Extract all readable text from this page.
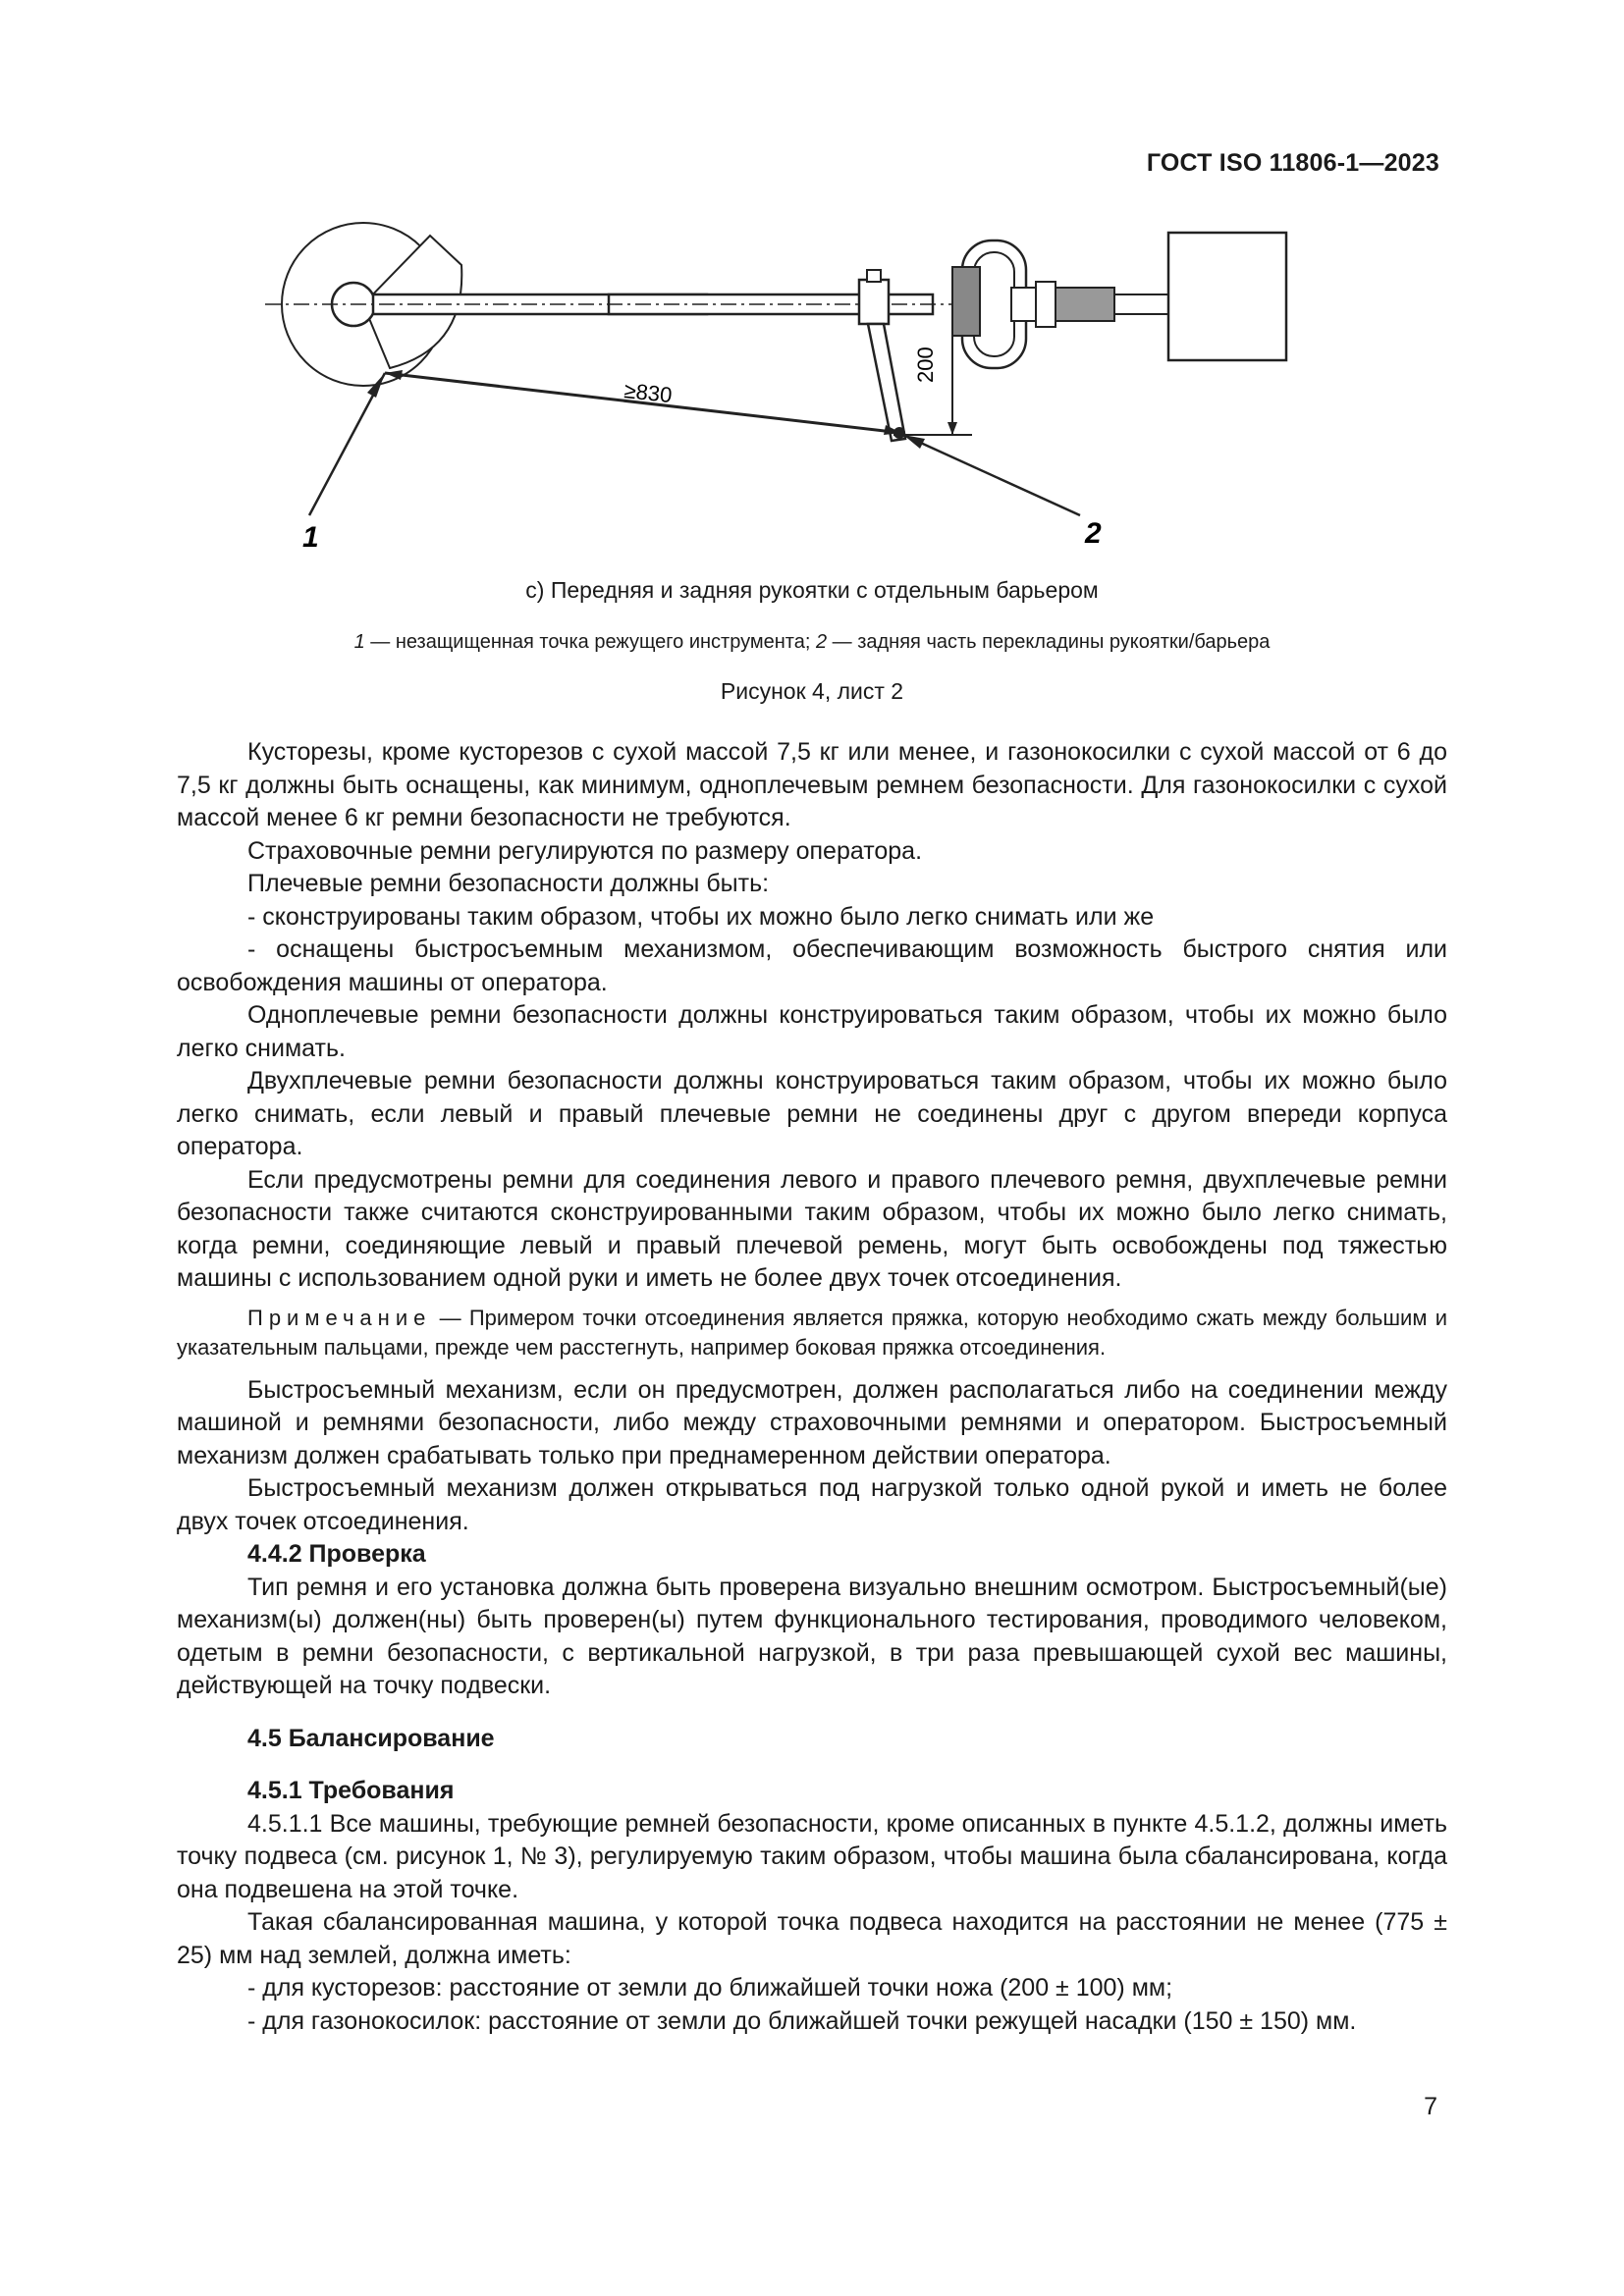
ГОСТ ISO 11806-1—2023
200
≥830
1	2
с) Передняя и задняя рукоятки с отдельным барьером
1 — незащищенная точка режущего инструмента; 2 — задняя часть перекладины рукоятки/барьера
Рисунок 4, лист 2

Кусторезы, кроме кусторезов с сухой массой 7,5 кг или менее, и газонокосилки с сухой массой от 6 до 7,5 кг должны быть оснащены, как минимум, одноплечевым ремнем безопасности. Для газонокосилки с сухой массой менее 6 кг ремни безопасности не требуются.

Страховочные ремни регулируются по размеру оператора.

Плечевые ремни безопасности должны быть:

- сконструированы таким образом, чтобы их можно было легко снимать или же

- оснащены быстросъемным механизмом, обеспечивающим возможность быстрого снятия или освобождения машины от оператора.

Одноплечевые ремни безопасности должны конструироваться таким образом, чтобы их можно было легко снимать.

Двухплечевые ремни безопасности должны конструироваться таким образом, чтобы их можно было легко снимать, если левый и правый плечевые ремни не соединены друг с другом впереди корпуса оператора.

Если предусмотрены ремни для соединения левого и правого плечевого ремня, двухплечевые ремни безопасности также считаются сконструированными таким образом, чтобы их можно было легко снимать, когда ремни, соединяющие левый и правый плечевой ремень, могут быть освобождены под тяжестью машины с использованием одной руки и иметь не более двух точек отсоединения.

Примечание — Примером точки отсоединения является пряжка, которую необходимо сжать между большим и указательным пальцами, прежде чем расстегнуть, например боковая пряжка отсоединения.

Быстросъемный механизм, если он предусмотрен, должен располагаться либо на соединении между машиной и ремнями безопасности, либо между страховочными ремнями и оператором. Быстросъемный механизм должен срабатывать только при преднамеренном действии оператора.

Быстросъемный механизм должен открываться под нагрузкой только одной рукой и иметь не более двух точек отсоединения.

4.4.2 Проверка

Тип ремня и его установка должна быть проверена визуально внешним осмотром. Быстросъемный(ые) механизм(ы) должен(ны) быть проверен(ы) путем функционального тестирования, проводимого человеком, одетым в ремни безопасности, с вертикальной нагрузкой, в три раза превышающей сухой вес машины, действующей на точку подвески.

4.5 Балансирование

4.5.1 Требования

4.5.1.1 Все машины, требующие ремней безопасности, кроме описанных в пункте 4.5.1.2, должны иметь точку подвеса (см. рисунок 1, № 3), регулируемую таким образом, чтобы машина была сбалансирована, когда она подвешена на этой точке.

Такая сбалансированная машина, у которой точка подвеса находится на расстоянии не менее (775 ± 25) мм над землей, должна иметь:

- для кусторезов: расстояние от земли до ближайшей точки ножа (200 ± 100) мм;

- для газонокосилок: расстояние от земли до ближайшей точки режущей насадки (150 ± 150) мм.

7
